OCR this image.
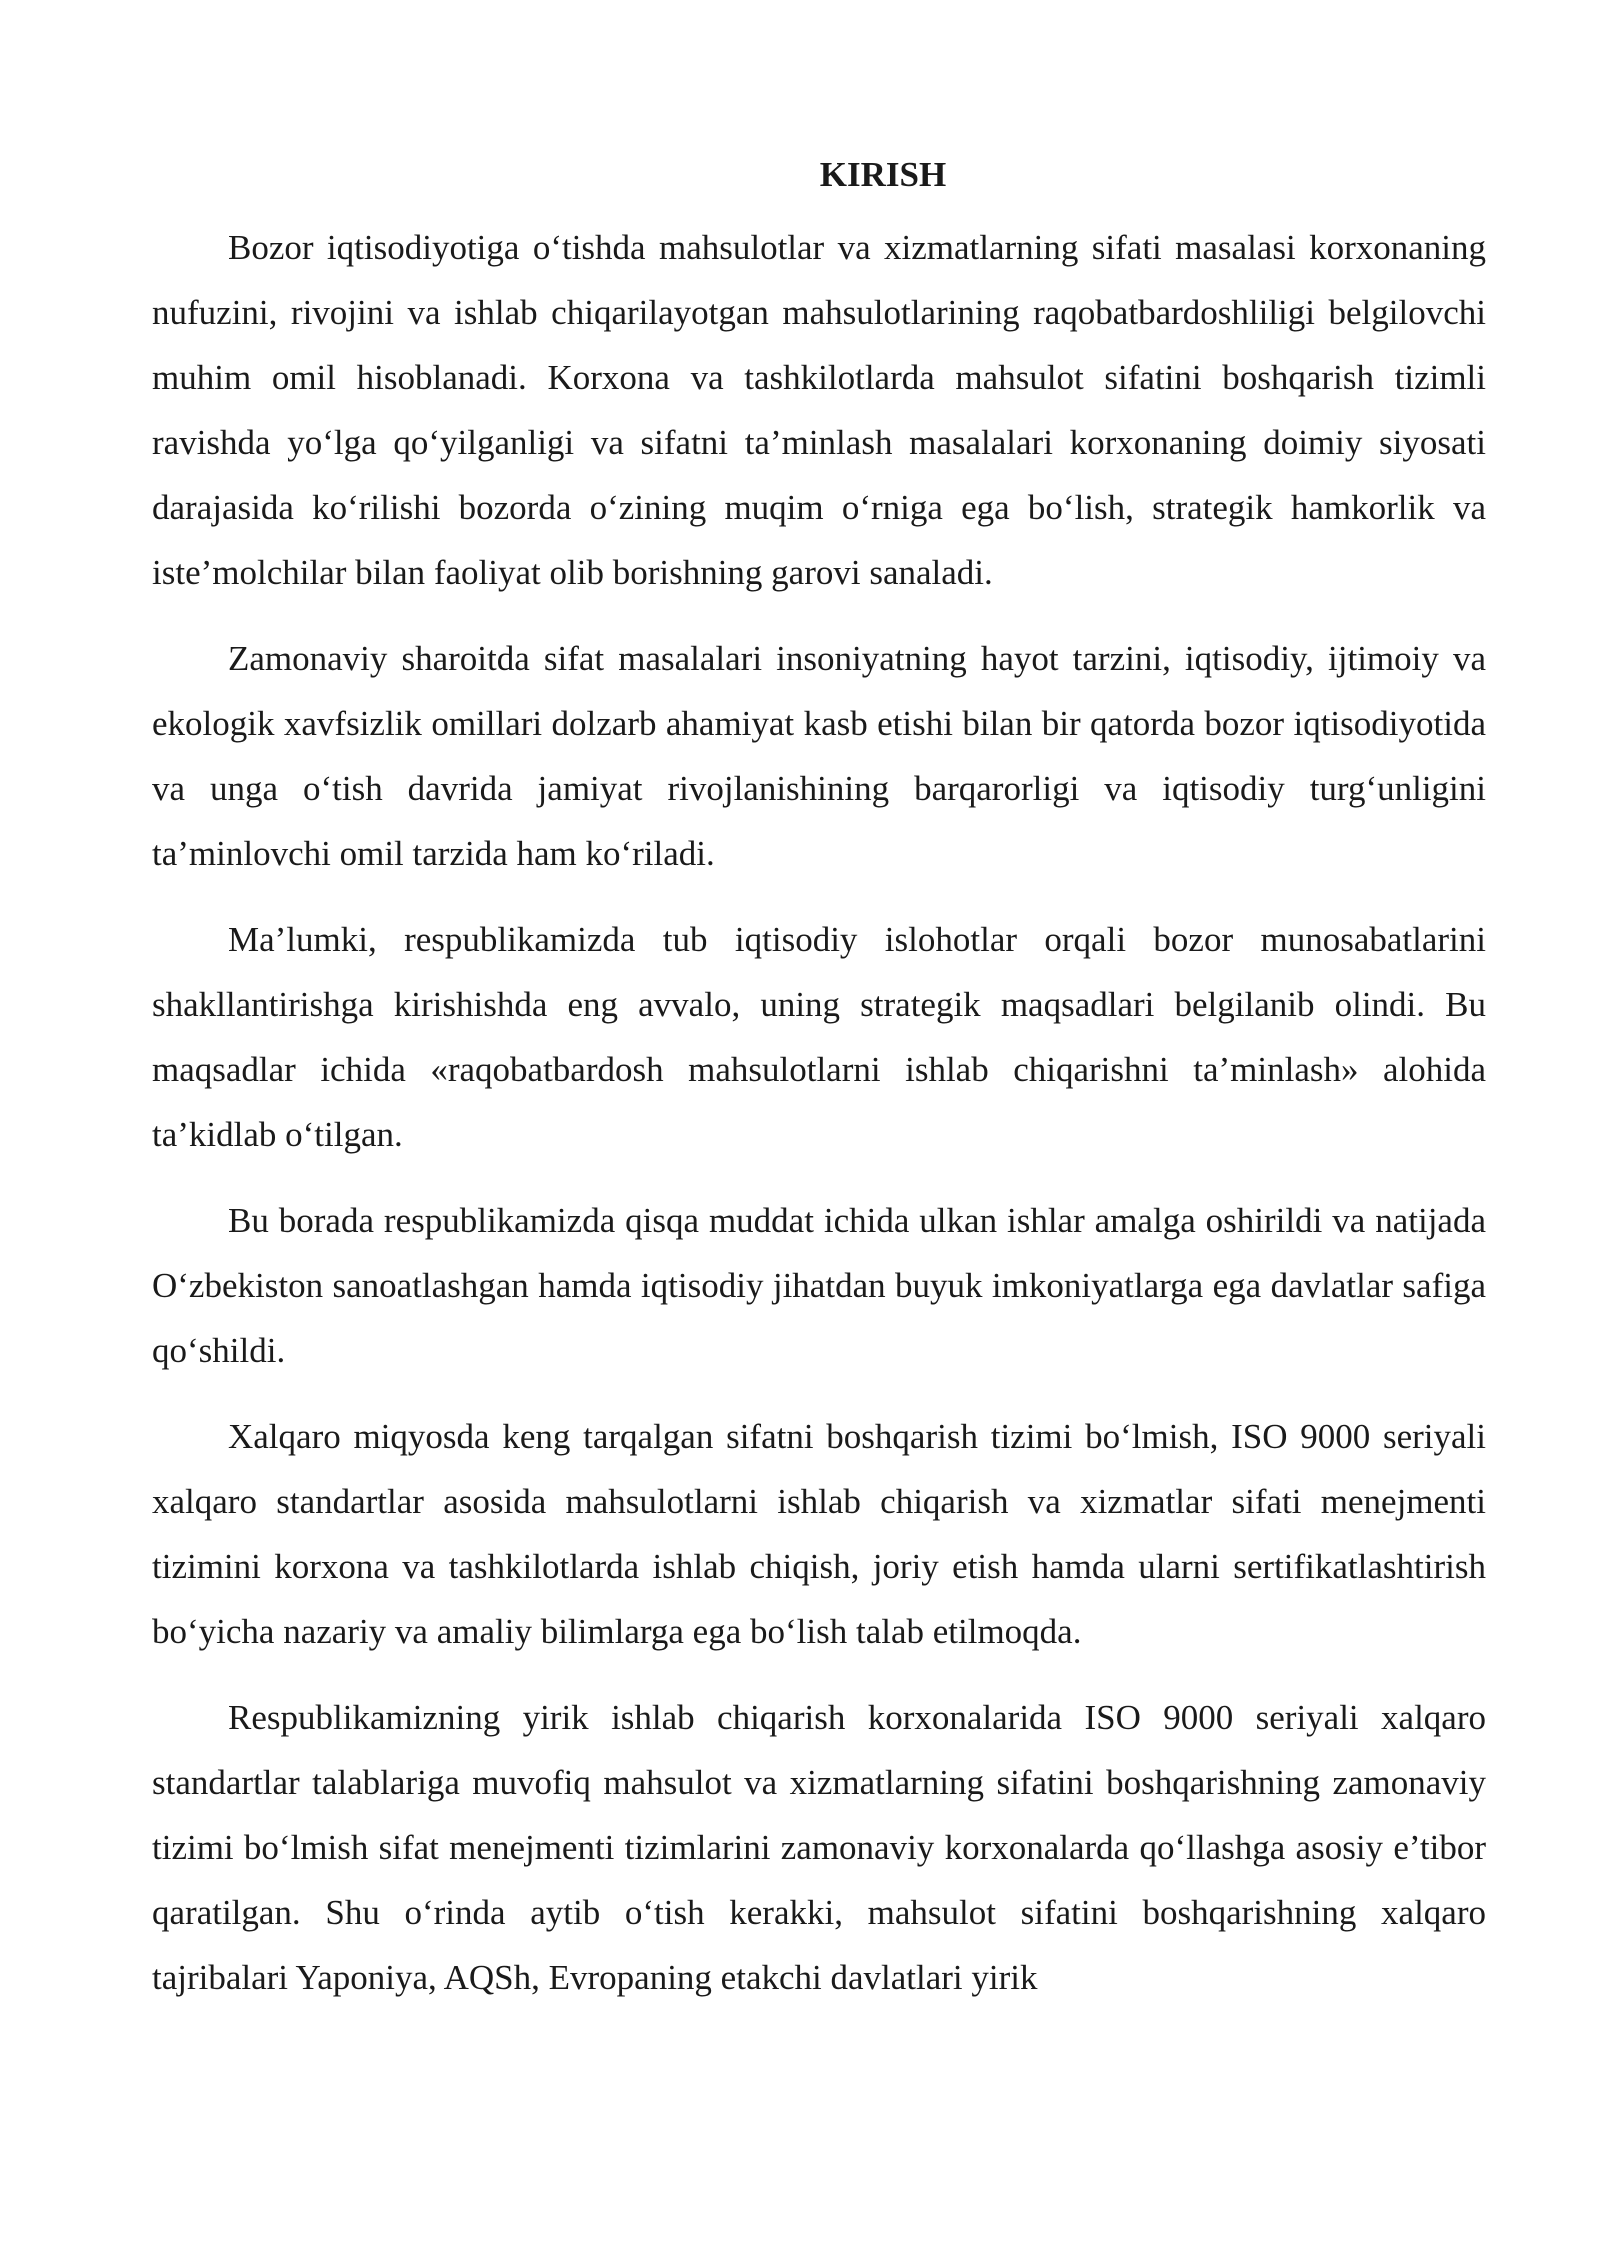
KIRISH

Bozor iqtisodiyotiga o‘tishda mahsulotlar va xizmatlarning sifati masalasi korxonaning nufuzini, rivojini va ishlab chiqarilayotgan mahsulotlarining raqobatbardoshliligi belgilovchi muhim omil hisoblanadi. Korxona va tashkilotlarda mahsulot sifatini boshqarish tizimli ravishda yo‘lga qo‘yilganligi va sifatni ta’minlash masalalari korxonaning doimiy siyosati darajasida ko‘rilishi bozorda o‘zining muqim o‘rniga ega bo‘lish, strategik hamkorlik va iste’molchilar bilan faoliyat olib borishning garovi sanaladi.

Zamonaviy sharoitda sifat masalalari insoniyatning hayot tarzini, iqtisodiy, ijtimoiy va ekologik xavfsizlik omillari dolzarb ahamiyat kasb etishi bilan bir qatorda bozor iqtisodiyotida va unga o‘tish davrida jamiyat rivojlanishining barqarorligi va iqtisodiy turg‘unligini ta’minlovchi omil tarzida ham ko‘riladi.

Ma’lumki, respublikamizda tub iqtisodiy islohotlar orqali bozor munosabatlarini shakllantirishga kirishishda eng avvalo, uning strategik maqsadlari belgilanib olindi. Bu maqsadlar ichida «raqobatbardosh mahsulotlarni ishlab chiqarishni ta’minlash» alohida ta’kidlab o‘tilgan.

Bu borada respublikamizda qisqa muddat ichida ulkan ishlar amalga oshirildi va natijada O‘zbekiston sanoatlashgan hamda iqtisodiy jihatdan buyuk imkoniyatlarga ega davlatlar safiga qo‘shildi.

Xalqaro miqyosda keng tarqalgan sifatni boshqarish tizimi bo‘lmish, ISO 9000 seriyali xalqaro standartlar asosida mahsulotlarni ishlab chiqarish va xizmatlar sifati menejmenti tizimini korxona va tashkilotlarda ishlab chiqish, joriy etish hamda ularni sertifikatlashtirish bo‘yicha nazariy va amaliy bilimlarga ega bo‘lish talab etilmoqda.

Respublikamizning yirik ishlab chiqarish korxonalarida ISO 9000 seriyali xalqaro standartlar talablariga muvofiq mahsulot va xizmatlarning sifatini boshqarishning zamonaviy tizimi bo‘lmish sifat menejmenti tizimlarini zamonaviy korxonalarda qo‘llashga asosiy e’tibor qaratilgan. Shu o‘rinda aytib o‘tish kerakki, mahsulot sifatini boshqarishning xalqaro tajribalari Yaponiya, AQSh, Evropaning etakchi davlatlari yirik
